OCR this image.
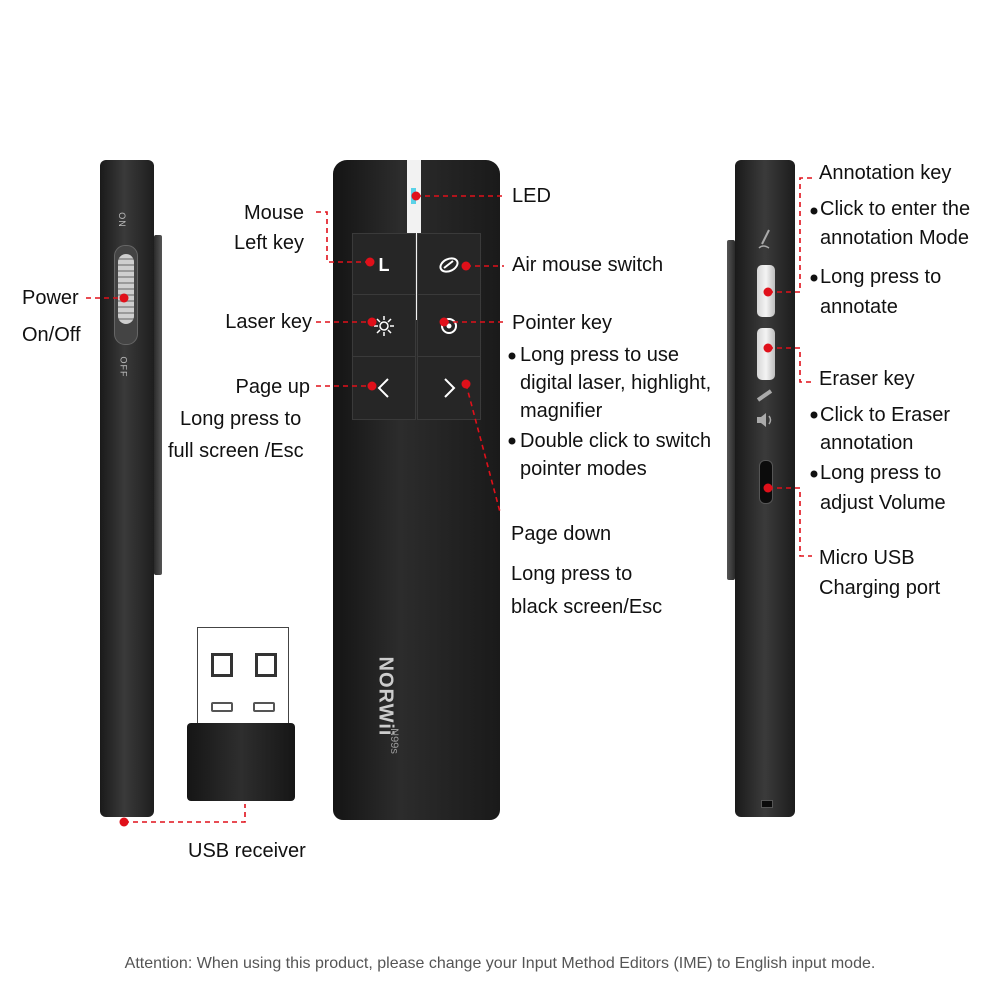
ON
OFF
L
NORWii
N99s
Power
On/Off
Mouse
Left key
Laser key
Page up
Long press to
full screen /Esc
USB receiver
LED
Air mouse switch
Pointer key
Long press to use
digital laser, highlight,
magnifier
Double click to switch
pointer modes
Page down
Long press to
black screen/Esc
Annotation key
Click to enter the
annotation Mode
Long press to
annotate
Eraser key
Click to Eraser
annotation
Long press to
adjust Volume
Micro USB
Charging port
Attention: When using this product, please change your Input Method Editors (IME) to English input mode.
